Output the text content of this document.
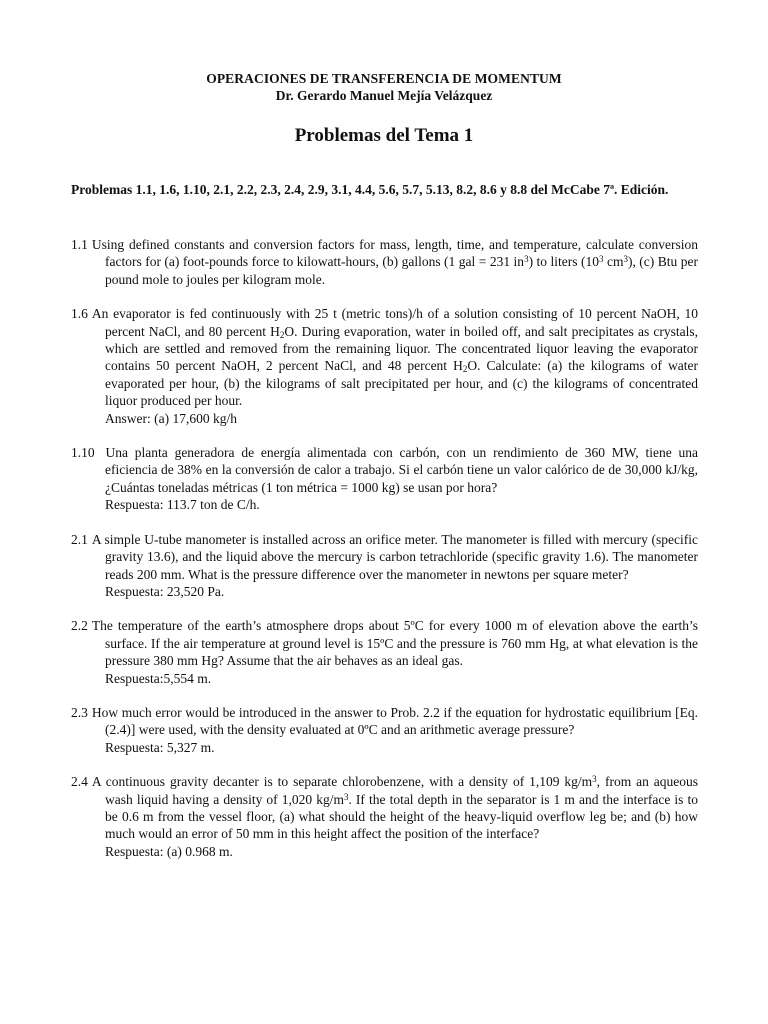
OPERACIONES DE TRANSFERENCIA DE MOMENTUM
Dr. Gerardo Manuel Mejía Velázquez
Problemas del Tema 1
Problemas 1.1, 1.6, 1.10, 2.1, 2.2, 2.3, 2.4, 2.9, 3.1, 4.4, 5.6, 5.7, 5.13, 8.2, 8.6 y 8.8 del McCabe 7ª. Edición.
1.1 Using defined constants and conversion factors for mass, length, time, and temperature, calculate conversion factors for (a) foot-pounds force to kilowatt-hours, (b) gallons (1 gal = 231 $in^3$) to liters ($10^3$ $cm^3$), (c) Btu per pound mole to joules per kilogram mole.
1.6 An evaporator is fed continuously with 25 t (metric tons)/h of a solution consisting of 10 percent NaOH, 10 percent NaCl, and 80 percent $H_2O$. During evaporation, water in boiled off, and salt precipitates as crystals, which are settled and removed from the remaining liquor. The concentrated liquor leaving the evaporator contains 50 percent NaOH, 2 percent NaCl, and 48 percent $H_2O$. Calculate: (a) the kilograms of water evaporated per hour, (b) the kilograms of salt precipitated per hour, and (c) the kilograms of concentrated liquor produced per hour.
Answer: (a) 17,600 kg/h
1.10 Una planta generadora de energía alimentada con carbón, con un rendimiento de 360 MW, tiene una eficiencia de 38% en la conversión de calor a trabajo. Si el carbón tiene un valor calórico de de 30,000 kJ/kg, ¿Cuántas toneladas métricas (1 ton métrica = 1000 kg) se usan por hora?
Respuesta: 113.7 ton de C/h.
2.1 A simple U-tube manometer is installed across an orifice meter. The manometer is filled with mercury (specific gravity 13.6), and the liquid above the mercury is carbon tetrachloride (specific gravity 1.6). The manometer reads 200 mm. What is the pressure difference over the manometer in newtons per square meter?
Respuesta: 23,520 Pa.
2.2 The temperature of the earth’s atmosphere drops about 5ºC for every 1000 m of elevation above the earth’s surface. If the air temperature at ground level is 15ºC and the pressure is 760 mm Hg, at what elevation is the pressure 380 mm Hg? Assume that the air behaves as an ideal gas.
Respuesta:5,554 m.
2.3 How much error would be introduced in the answer to Prob. 2.2 if the equation for hydrostatic equilibrium [Eq.(2.4)] were used, with the density evaluated at 0ºC and an arithmetic average pressure?
Respuesta: 5,327 m.
2.4 A continuous gravity decanter is to separate chlorobenzene, with a density of 1,109 $kg/m^3$, from an aqueous wash liquid having a density of 1,020 $kg/m^3$. If the total depth in the separator is 1 m and the interface is to be 0.6 m from the vessel floor, (a) what should the height of the heavy-liquid overflow leg be; and (b) how much would an error of 50 mm in this height affect the position of the interface?
Respuesta: (a) 0.968 m.
